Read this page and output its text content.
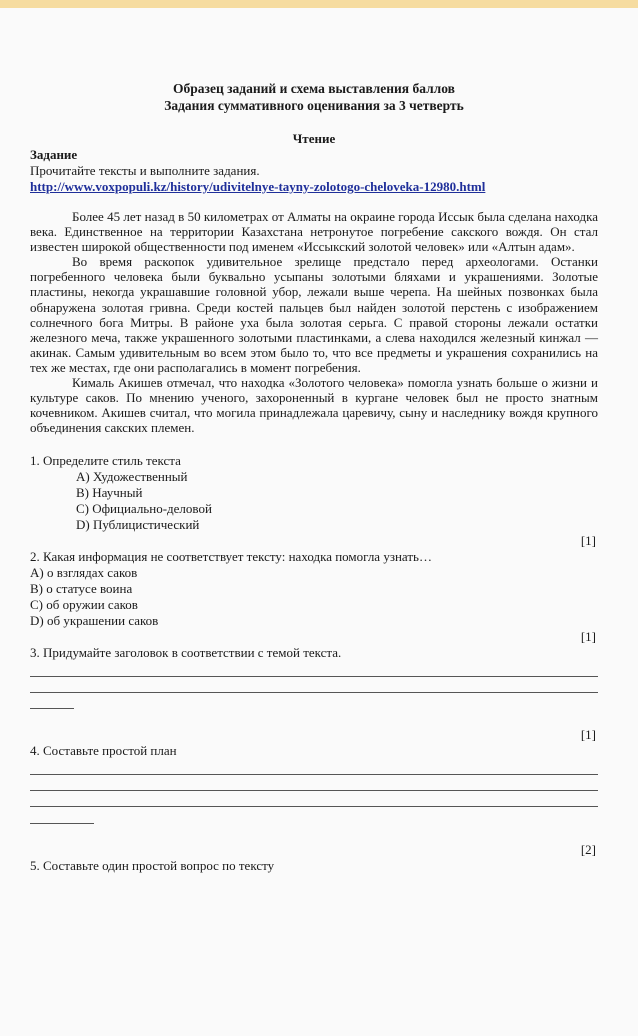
Образец заданий и схема выставления баллов
Задания суммативного оценивания за 3 четверть
Чтение
Задание
Прочитайте тексты и выполните задания.
http://www.voxpopuli.kz/history/udivitelnye-tayny-zolotogo-cheloveka-12980.html

Более 45 лет назад в 50 километрах от Алматы на окраине города Иссык была сделана находка века. Единственное на территории Казахстана нетронутое погребение сакского вождя. Он стал известен широкой общественности под именем «Иссыкский золотой человек» или «Алтын адам».

Во время раскопок удивительное зрелище предстало перед археологами. Останки погребенного человека были буквально усыпаны золотыми бляхами и украшениями. Золотые пластины, некогда украшавшие головной убор, лежали выше черепа. На шейных позвонках была обнаружена золотая гривна. Среди костей пальцев был найден золотой перстень с изображением солнечного бога Митры. В районе уха была золотая серьга. С правой стороны лежали остатки железного меча, также украшенного золотыми пластинками, а слева находился железный кинжал — акинак. Самым удивительным во всем этом было то, что все предметы и украшения сохранились на тех же местах, где они располагались в момент погребения.

Кималь Акишев отмечал, что находка «Золотого человека» помогла узнать больше о жизни и культуре саков. По мнению ученого, захороненный в кургане человек был не просто знатным кочевником. Акишев считал, что могила принадлежала царевичу, сыну и наследнику вождя крупного объединения сакских племен.

1. Определите стиль текста
A) Художественный
B) Научный
C) Официально-деловой
D) Публицистический
[1]
2. Какая информация не соответствует тексту: находка помогла узнать…
A) о взглядах саков
B) о статусе воина
C) об оружии саков
D) об украшении саков
[1]
3. Придумайте заголовок в соответствии с темой текста.
[1]
4. Составьте простой план
[2]
5. Составьте один простой вопрос по тексту
